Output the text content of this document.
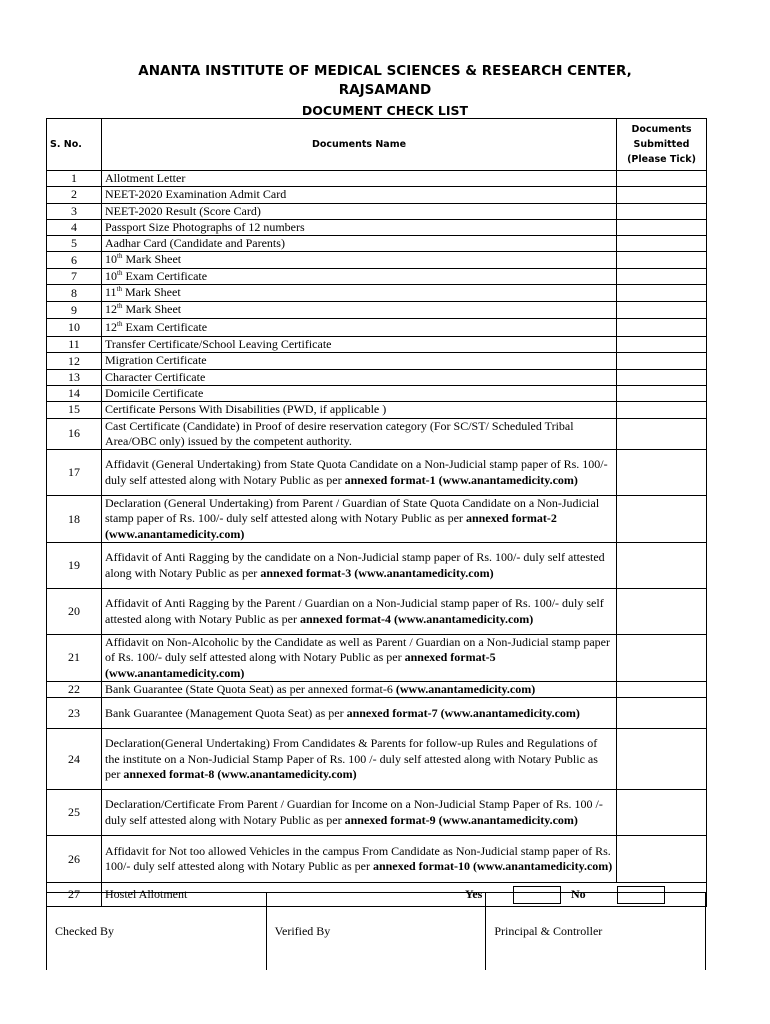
ANANTA INSTITUTE OF MEDICAL SCIENCES & RESEARCH CENTER,
RAJSAMAND
DOCUMENT CHECK LIST
S. No.	Documents Name	Documents
Submitted
(Please Tick)

1	Allotment Letter	
2	NEET-2020 Examination Admit Card	
3	NEET-2020 Result (Score Card)	
4	Passport Size Photographs of 12 numbers	
5	Aadhar Card (Candidate and Parents)	
6	10th Mark Sheet	
7	10th Exam Certificate	
8	11th Mark Sheet	
9	12th Mark Sheet	
10	12th Exam Certificate	
11	Transfer Certificate/School Leaving Certificate	
12	Migration Certificate	
13	Character Certificate	
14	Domicile Certificate	
15	Certificate Persons With Disabilities (PWD, if applicable )	
16	Cast Certificate (Candidate) in Proof of desire reservation category (For SC/ST/ Scheduled Tribal Area/OBC only) issued by the competent authority.	
17	Affidavit (General Undertaking) from State Quota Candidate on a Non-Judicial stamp paper of Rs. 100/- duly self attested along with Notary Public as per annexed format-1 (www.anantamedicity.com)	
18	Declaration (General Undertaking) from Parent / Guardian of State Quota Candidate on a Non-Judicial stamp paper of Rs. 100/- duly self attested along with Notary Public as per annexed format-2 (www.anantamedicity.com)	
19	Affidavit of Anti Ragging by the candidate on a Non-Judicial stamp paper of Rs. 100/- duly self attested along with Notary Public as per annexed format-3 (www.anantamedicity.com)	
20	Affidavit of Anti Ragging by the Parent / Guardian on a Non-Judicial stamp paper of Rs. 100/- duly self attested along with Notary Public as per annexed format-4 (www.anantamedicity.com)	
21	Affidavit on Non-Alcoholic by the Candidate as well as Parent / Guardian on a Non-Judicial stamp paper of Rs. 100/- duly self attested along with Notary Public as per annexed format-5 (www.anantamedicity.com)	
22	Bank Guarantee (State Quota Seat) as per annexed format-6 (www.anantamedicity.com)	
23	Bank Guarantee (Management Quota Seat) as per annexed format-7 (www.anantamedicity.com)	
24	Declaration(General Undertaking) From Candidates & Parents for follow-up Rules and Regulations of the institute on a Non-Judicial Stamp Paper of Rs. 100 /- duly self attested along with Notary Public as per annexed format-8 (www.anantamedicity.com)	
25	Declaration/Certificate From Parent / Guardian for Income on a Non-Judicial Stamp Paper of Rs. 100 /- duly self attested along with Notary Public as per annexed format-9 (www.anantamedicity.com)	
26	Affidavit for Not too allowed Vehicles in the campus From Candidate as Non-Judicial stamp paper of Rs. 100/- duly self attested along with Notary Public as per annexed format-10 (www.anantamedicity.com)	
27	Hostel Allotment Yes No	
Checked By	Verified By	Principal & Controller
